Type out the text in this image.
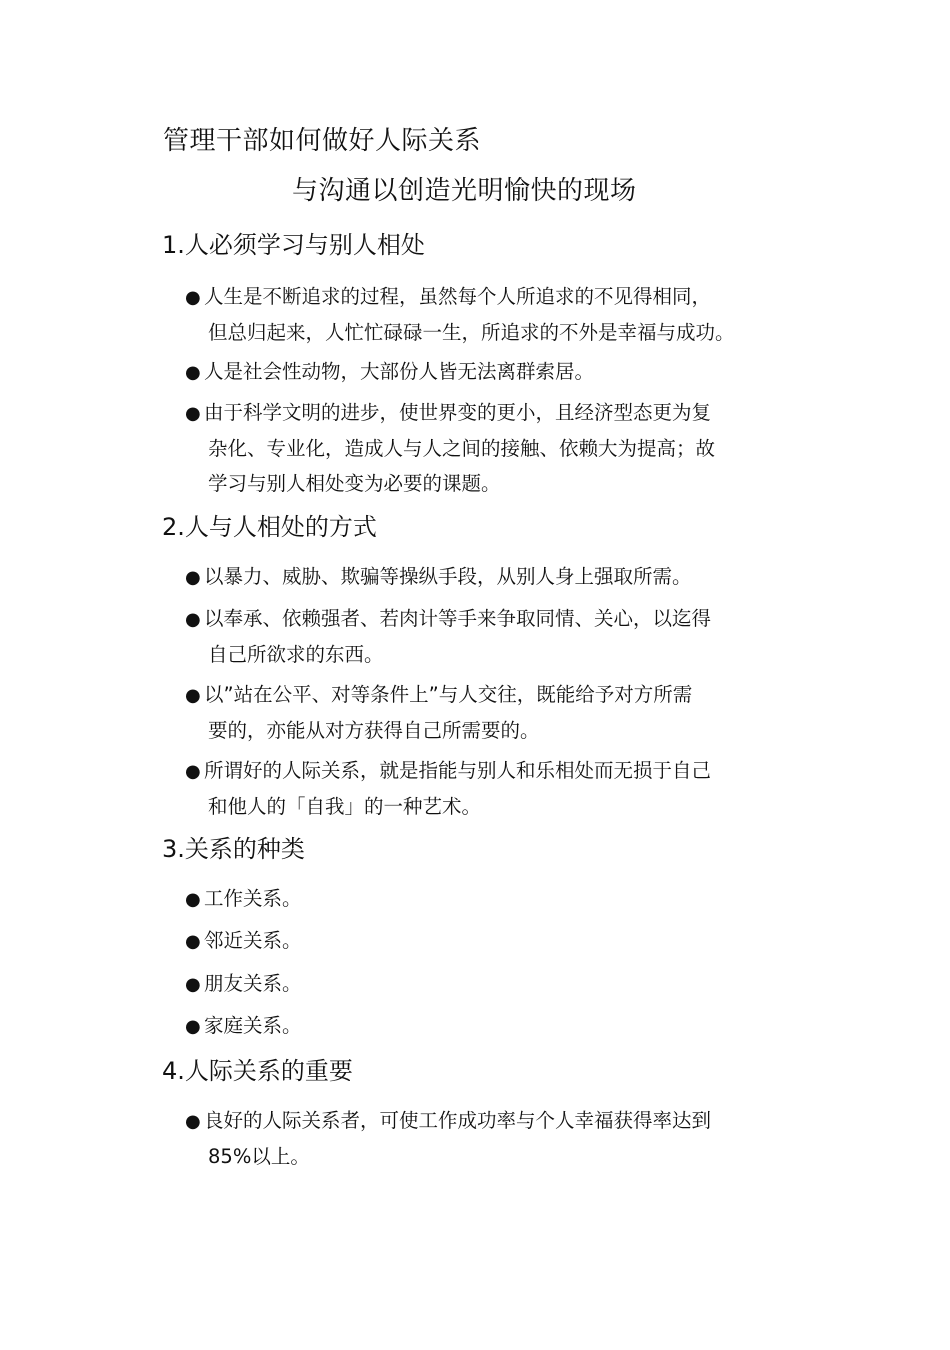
管理干部如何做好人际关系
与沟通以创造光明愉快的现场
1.人必须学习与别人相处
● 人生是不断追求的过程，虽然每个人所追求的不见得相同，
但总归起来，人忙忙碌碌一生，所追求的不外是幸福与成功。
● 人是社会性动物，大部份人皆无法离群索居。
● 由于科学文明的进步，使世界变的更小，且经济型态更为复
杂化、专业化，造成人与人之间的接触、依赖大为提高；故
学习与别人相处变为必要的课题。
2.人与人相处的方式
● 以暴力、威胁、欺骗等操纵手段，从别人身上强取所需。
● 以奉承、依赖强者、若肉计等手来争取同情、关心，以迄得
自己所欲求的东西。
● 以”站在公平、对等条件上”与人交往，既能给予对方所需
要的，亦能从对方获得自己所需要的。
● 所谓好的人际关系，就是指能与别人和乐相处而无损于自己
和他人的「自我」的一种艺术。
3.关系的种类
● 工作关系。
● 邻近关系。
● 朋友关系。
● 家庭关系。
4.人际关系的重要
● 良好的人际关系者，可使工作成功率与个人幸福获得率达到
85%以上。
